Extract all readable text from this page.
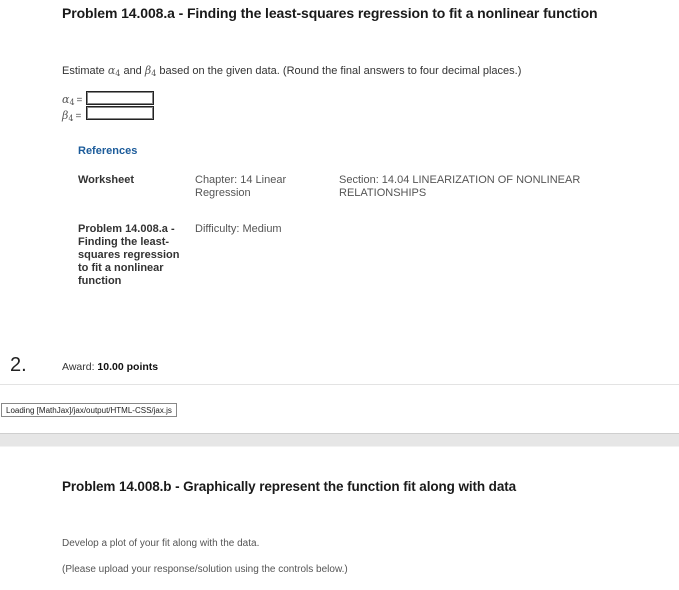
Problem 14.008.a - Finding the least-squares regression to fit a nonlinear function
Estimate $\alpha_4$ and $\beta_4$ based on the given data. (Round the final answers to four decimal places.)
$\alpha_4$ =
$\beta_4$ =
References
Worksheet	Chapter: 14 Linear
Regression
Section: 14.04 LINEARIZATION OF NONLINEAR
RELATIONSHIPS
Problem 14.008.a -
Finding the least-
squares regression
to fit a nonlinear
function
Difficulty: Medium
2.	Award: 10.00 points
Loading [MathJax]/jax/output/HTML-CSS/jax.js
Problem 14.008.b - Graphically represent the function fit along with data
Develop a plot of your fit along with the data.
(Please upload your response/solution using the controls below.)
